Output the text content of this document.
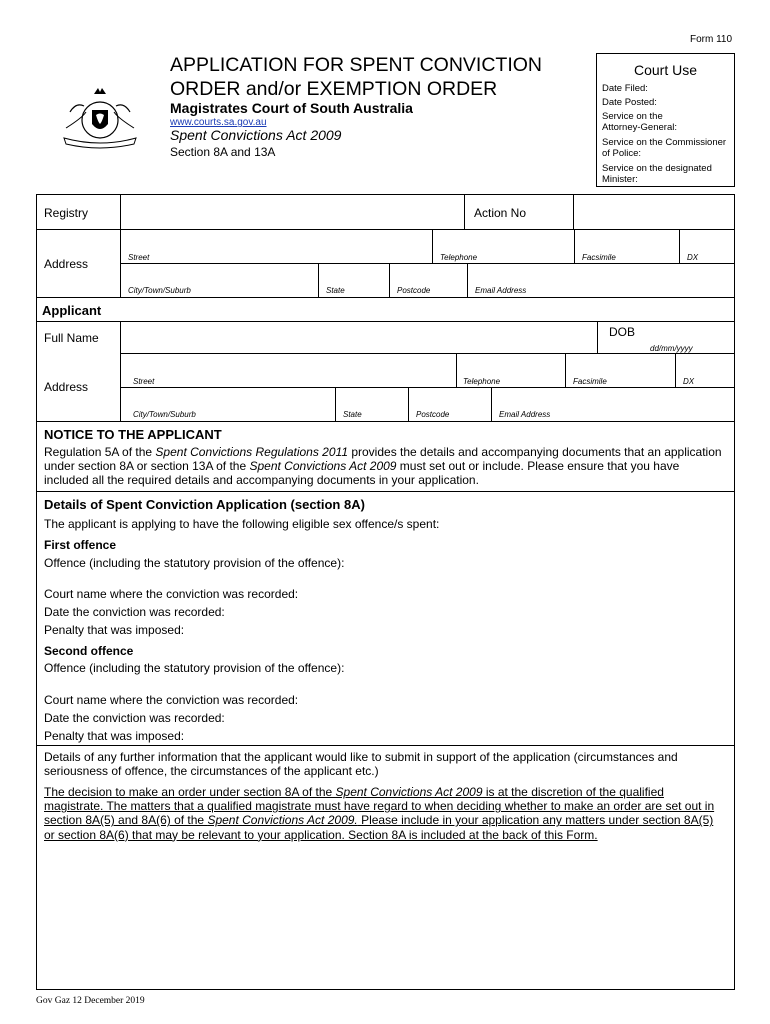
Form 110
APPLICATION FOR SPENT CONVICTION
ORDER and/or EXEMPTION ORDER
Magistrates Court of South Australia
www.courts.sa.gov.au
Spent Convictions Act 2009
Section 8A and 13A
Court Use
Date Filed:
Date Posted:
Service on the Attorney-General:
Service on the Commissioner of Police:
Service on the designated Minister:
Registry	Action No
Address	Street	Telephone	Facsimile	DX
City/Town/Suburb	State	Postcode	Email Address
Applicant
Full Name	DOB
dd/mm/yyyy
Address	Street	Telephone	Facsimile	DX
City/Town/Suburb	State	Postcode	Email Address
NOTICE TO THE APPLICANT
Regulation 5A of the Spent Convictions Regulations 2011 provides the details and accompanying documents that an application under section 8A or section 13A of the Spent Convictions Act 2009 must set out or include. Please ensure that you have included all the required details and accompanying documents in your application.
Details of Spent Conviction Application (section 8A)
The applicant is applying to have the following eligible sex offence/s spent:
First offence
Offence (including the statutory provision of the offence):
Court name where the conviction was recorded:
Date the conviction was recorded:
Penalty that was imposed:
Second offence
Offence (including the statutory provision of the offence):
Court name where the conviction was recorded:
Date the conviction was recorded:
Penalty that was imposed:
Details of any further information that the applicant would like to submit in support of the application (circumstances and seriousness of offence, the circumstances of the applicant etc.)
The decision to make an order under section 8A of the Spent Convictions Act 2009 is at the discretion of the qualified magistrate. The matters that a qualified magistrate must have regard to when deciding whether to make an order are set out in section 8A(5) and 8A(6) of the Spent Convictions Act 2009. Please include in your application any matters under section 8A(5) or section 8A(6) that may be relevant to your application. Section 8A is included at the back of this Form.
Gov Gaz 12 December 2019
